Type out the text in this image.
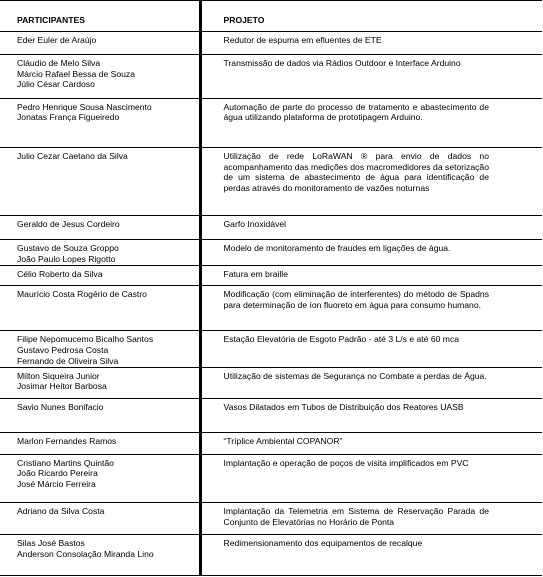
PARTICIPANTES	PROJETO

Eder Euler de Araújo	Redutor de espuma em efluentes de ETE

Cláudio de Melo Silva
Márcio Rafael Bessa de Souza
Júlio César Cardoso	Transmissão de dados via Rádios Outdoor e Interface Arduino

Pedro Henrique Sousa Nascimento
Jonatas França Figueiredo	Automação de parte do processo de tratamento e abastecimento de água utilizando plataforma de prototipagem Arduino.

Julio Cezar Caetano da Silva	Utilização de rede LoRaWAN ® para envio de dados no acompanhamento das medições dos macromedidores da setorização de um sistema de abastecimento de água para identificação de perdas através do monitoramento de vazões noturnas

Geraldo de Jesus Cordeiro	Garfo Inoxidável

Gustavo de Souza Groppo
João Paulo Lopes Rigotto	Modelo de monitoramento de fraudes em ligações de água.

Célio Roberto da Silva	Fatura em braille

Maurício Costa Rogério de Castro	Modificação (com eliminação de interferentes) do método de Spadns para determinação de íon fluoreto em água para consumo humano.

Filipe Nepomucemo Bicalho Santos
Gustavo Pedrosa Costa
Fernando de Oliveira Silva	Estação Elevatória de Esgoto Padrão - até 3 L/s e até 60 mca

Milton Siqueira Junior
Josimar Heitor Barbosa	Utilização de sistemas de Segurança no Combate a perdas de Água.

Savio Nunes Bonifacio	Vasos Dilatados em Tubos de Distribuição dos Reatores UASB

Marlon Fernandes Ramos	“Tríplice Ambiental COPANOR”

Cristiano Martins Quintão
João Ricardo Pereira
José Márcio Ferreira	Implantação e operação de poços de visita implificados em PVC

Adriano da Silva Costa	Implantação da Telemetria em Sistema de Reservação Parada de Conjunto de Elevatórias no Horário de Ponta

Silas José Bastos
Anderson Consolação Miranda Lino	Redimensionamento dos equipamentos de recalque
